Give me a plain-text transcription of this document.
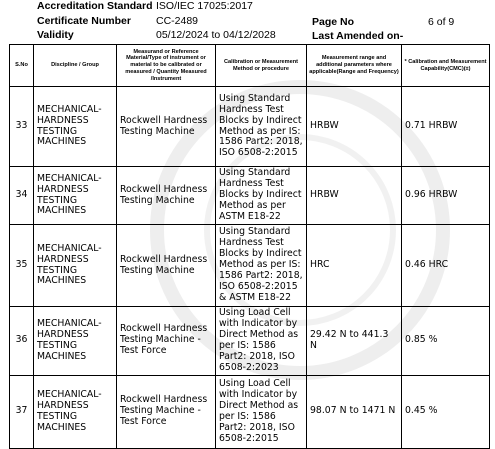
Accreditation Standard ISO/IEC 17025:2017
Certificate Number CC-2489	Page No	6 of 9
Validity	05/12/2024 to 04/12/2028	Last Amended on-
S.No	Discipline / Group	Measurand or Reference Material/Type of instrument or material to be calibrated or measured / Quantity Measured /Instrument	Calibration or Measurement Method or procedure	Measurement range and additional parameters where applicable(Range and Frequency)	* Calibration and Measurement Capability(CMC)(±)
33	MECHANICAL- HARDNESS TESTING MACHINES	Rockwell Hardness Testing Machine	Using Standard Hardness Test Blocks by Indirect Method as per IS: 1586 Part2: 2018, ISO 6508-2:2015	HRBW	0.71 HRBW
34	MECHANICAL- HARDNESS TESTING MACHINES	Rockwell Hardness Testing Machine	Using Standard Hardness Test Blocks by Indirect Method as per ASTM E18-22	HRBW	0.96 HRBW
35	MECHANICAL- HARDNESS TESTING MACHINES	Rockwell Hardness Testing Machine	Using Standard Hardness Test Blocks by Indirect Method as per IS: 1586 Part2: 2018, ISO 6508-2:2015 & ASTM E18-22	HRC	0.46 HRC
36	MECHANICAL- HARDNESS TESTING MACHINES	Rockwell Hardness Testing Machine - Test Force	Using Load Cell with Indicator by Direct Method as per IS: 1586 Part2: 2018, ISO 6508-2:2023	29.42 N to 441.3 N	0.85 %
37	MECHANICAL- HARDNESS TESTING MACHINES	Rockwell Hardness Testing Machine - Test Force	Using Load Cell with Indicator by Direct Method as per IS: 1586 Part2: 2018, ISO 6508-2:2015	98.07 N to 1471 N	0.45 %
